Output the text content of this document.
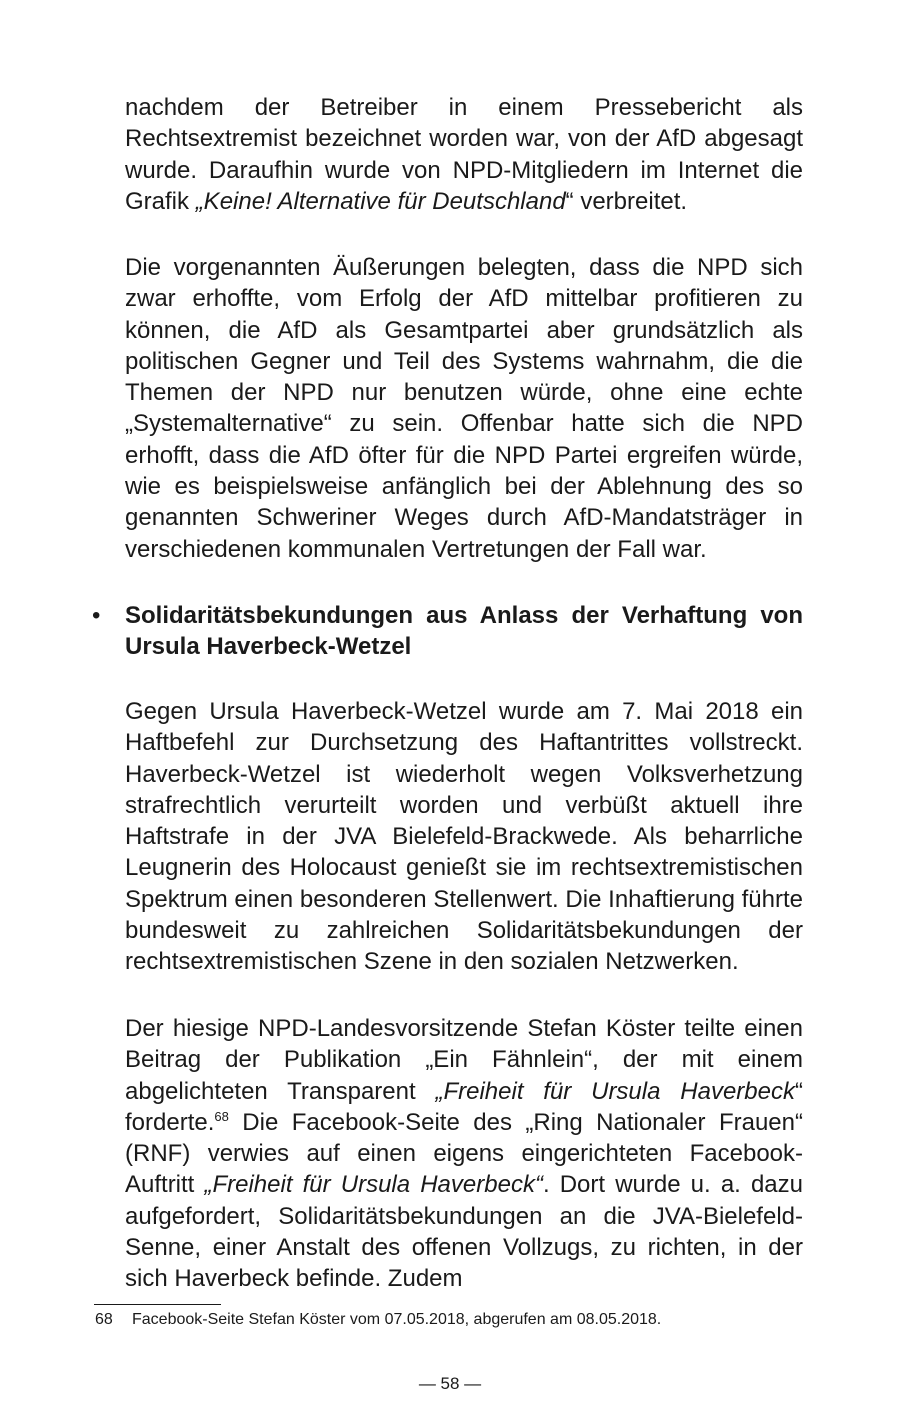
nachdem der Betreiber in einem Pressebericht als Rechtsextremist bezeichnet worden war, von der AfD abgesagt wurde. Daraufhin wurde von NPD-Mitgliedern im Internet die Grafik „Keine! Alternative für Deutschland“ verbreitet.

Die vorgenannten Äußerungen belegten, dass die NPD sich zwar erhoffte, vom Erfolg der AfD mittelbar profitieren zu können, die AfD als Gesamtpartei aber grundsätzlich als politischen Gegner und Teil des Systems wahrnahm, die die Themen der NPD nur benutzen würde, ohne eine echte „Systemalternative“ zu sein. Offenbar hatte sich die NPD erhofft, dass die AfD öfter für die NPD Partei ergreifen würde, wie es beispielsweise anfänglich bei der Ablehnung des so genannten Schweriner Weges durch AfD-Mandatsträger in verschiedenen kommunalen Vertretungen der Fall war.

• Solidaritätsbekundungen aus Anlass der Verhaftung von Ursula Haverbeck-Wetzel

Gegen Ursula Haverbeck-Wetzel wurde am 7. Mai 2018 ein Haftbefehl zur Durchsetzung des Haftantrittes vollstreckt. Haverbeck-Wetzel ist wiederholt wegen Volksverhetzung strafrechtlich verurteilt worden und verbüßt aktuell ihre Haftstrafe in der JVA Bielefeld-Brackwede. Als beharrliche Leugnerin des Holocaust genießt sie im rechtsextremistischen Spektrum einen besonderen Stellenwert. Die Inhaftierung führte bundesweit zu zahlreichen Solidaritätsbekundungen der rechtsextremistischen Szene in den sozialen Netzwerken.

Der hiesige NPD-Landesvorsitzende Stefan Köster teilte einen Beitrag der Publikation „Ein Fähnlein“, der mit einem abgelichteten Transparent „Freiheit für Ursula Haverbeck“ forderte.$^{68}$ Die Facebook-Seite des „Ring Nationaler Frauen“ (RNF) verwies auf einen eigens eingerichteten Facebook-Auftritt „Freiheit für Ursula Haverbeck“. Dort wurde u. a. dazu aufgefordert, Solidaritätsbekundungen an die JVA-Bielefeld-Senne, einer Anstalt des offenen Vollzugs, zu richten, in der sich Haverbeck befinde. Zudem

68 Facebook-Seite Stefan Köster vom 07.05.2018, abgerufen am 08.05.2018.

— 58 —
